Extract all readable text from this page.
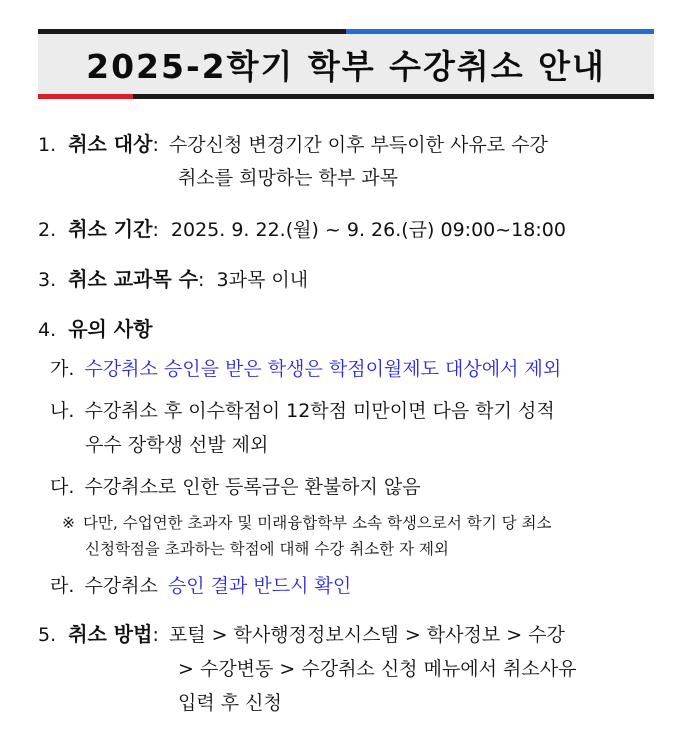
2025-2학기 학부 수강취소 안내
1. 취소 대상: 수강신청 변경기간 이후 부득이한 사유로 수강
취소를 희망하는 학부 과목
2. 취소 기간: 2025. 9. 22.(월) ~ 9. 26.(금) 09:00~18:00
3. 취소 교과목 수: 3과목 이내
4. 유의 사항
가. 수강취소 승인을 받은 학생은 학점이월제도 대상에서 제외
나. 수강취소 후 이수학점이 12학점 미만이면 다음 학기 성적
우수 장학생 선발 제외
다. 수강취소로 인한 등록금은 환불하지 않음
※ 다만, 수업연한 초과자 및 미래융합학부 소속 학생으로서 학기 당 최소
신청학점을 초과하는 학점에 대해 수강 취소한 자 제외
라. 수강취소 승인 결과 반드시 확인
5. 취소 방법: 포털 > 학사행정정보시스템 > 학사정보 > 수강
> 수강변동 > 수강취소 신청 메뉴에서 취소사유
입력 후 신청
